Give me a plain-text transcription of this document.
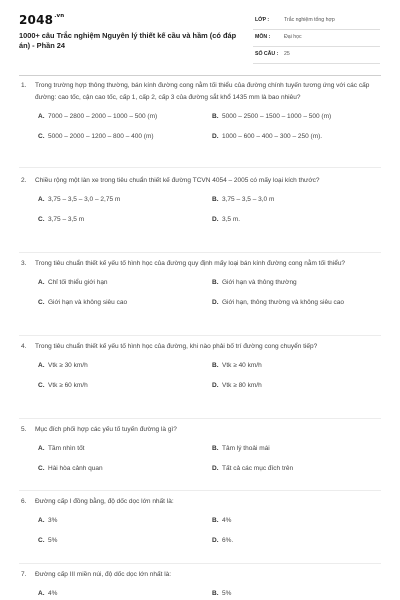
$2048^{.vn}$
1000+ câu Trắc nghiệm Nguyên lý thiết kế cầu và hầm (có đáp án) - Phần 24
LỚP :	Trắc nghiệm tổng hợp
MÔN :	Đại học
SỐ CÂU : 25
1. Trong trường hợp thông thường, bán kính đường cong nằm tối thiểu của đường chính tuyến tương ứng với các cấp đường: cao tốc, cận cao tốc, cấp 1, cấp 2, cấp 3 của đường sắt khổ 1435 mm là bao nhiêu?
A. 7000 – 2800 – 2000 – 1000 – 500 (m)	B. 5000 – 2500 – 1500 – 1000 – 500 (m)
C. 5000 – 2000 – 1200 – 800 – 400 (m)	D. 1000 – 600 – 400 – 300 – 250 (m).
2. Chiều rộng một làn xe trong tiêu chuẩn thiết kế đường TCVN 4054 – 2005 có mấy loại kích thước?
A. 3,75 – 3,5 – 3,0 – 2,75 m	B. 3,75 – 3,5 – 3,0 m
C. 3,75 – 3,5 m	D. 3,5 m.
3. Trong tiêu chuẩn thiết kế yếu tố hình học của đường quy định mấy loại bán kính đường cong nằm tối thiểu?
A. Chỉ tối thiểu giới hạn	B. Giới hạn và thông thường
C. Giới hạn và không siêu cao	D. Giới hạn, thông thường và không siêu cao
4. Trong tiêu chuẩn thiết kế yếu tố hình học của đường, khi nào phải bố trí đường cong chuyển tiếp?
A. Vtk ≥ 30 km/h	B. Vtk ≥ 40 km/h
C. Vtk ≥ 60 km/h	D. Vtk ≥ 80 km/h
5. Mục đích phối hợp các yếu tố tuyến đường là gì?
A. Tầm nhìn tốt	B. Tâm lý thoải mái
C. Hài hòa cảnh quan	D. Tất cả các mục đích trên
6. Đường cấp I đồng bằng, độ dốc dọc lớn nhất là:
A. 3%	B. 4%
C. 5%	D. 6%.
7. Đường cấp III miền núi, độ dốc dọc lớn nhất là:
A. 4%	B. 5%
